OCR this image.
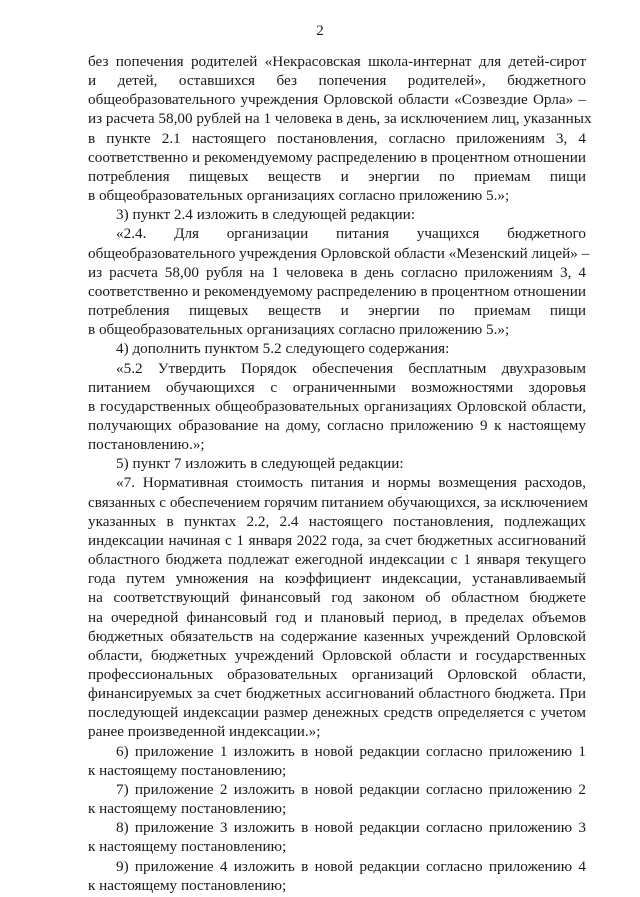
2
без попечения родителей «Некрасовская школа-интернат для детей-сирот
и детей, оставшихся без попечения родителей», бюджетного
общеобразовательного учреждения Орловской области «Созвездие Орла» –
из расчета 58,00 рублей на 1 человека в день, за исключением лиц, указанных
в пункте 2.1 настоящего постановления, согласно приложениям 3, 4
соответственно и рекомендуемому распределению в процентном отношении
потребления пищевых веществ и энергии по приемам пищи
в общеобразовательных организациях согласно приложению 5.»;
3) пункт 2.4 изложить в следующей редакции:
«2.4. Для организации питания учащихся бюджетного
общеобразовательного учреждения Орловской области «Мезенский лицей» –
из расчета 58,00 рубля на 1 человека в день согласно приложениям 3, 4
соответственно и рекомендуемому распределению в процентном отношении
потребления пищевых веществ и энергии по приемам пищи
в общеобразовательных организациях согласно приложению 5.»;
4) дополнить пунктом 5.2 следующего содержания:
«5.2 Утвердить Порядок обеспечения бесплатным двухразовым
питанием обучающихся с ограниченными возможностями здоровья
в государственных общеобразовательных организациях Орловской области,
получающих образование на дому, согласно приложению 9 к настоящему
постановлению.»;
5) пункт 7 изложить в следующей редакции:
«7. Нормативная стоимость питания и нормы возмещения расходов,
связанных с обеспечением горячим питанием обучающихся, за исключением
указанных в пунктах 2.2, 2.4 настоящего постановления, подлежащих
индексации начиная с 1 января 2022 года, за счет бюджетных ассигнований
областного бюджета подлежат ежегодной индексации с 1 января текущего
года путем умножения на коэффициент индексации, устанавливаемый
на соответствующий финансовый год законом об областном бюджете
на очередной финансовый год и плановый период, в пределах объемов
бюджетных обязательств на содержание казенных учреждений Орловской
области, бюджетных учреждений Орловской области и государственных
профессиональных образовательных организаций Орловской области,
финансируемых за счет бюджетных ассигнований областного бюджета. При
последующей индексации размер денежных средств определяется с учетом
ранее произведенной индексации.»;
6) приложение 1 изложить в новой редакции согласно приложению 1
к настоящему постановлению;
7) приложение 2 изложить в новой редакции согласно приложению 2
к настоящему постановлению;
8) приложение 3 изложить в новой редакции согласно приложению 3
к настоящему постановлению;
9) приложение 4 изложить в новой редакции согласно приложению 4
к настоящему постановлению;
